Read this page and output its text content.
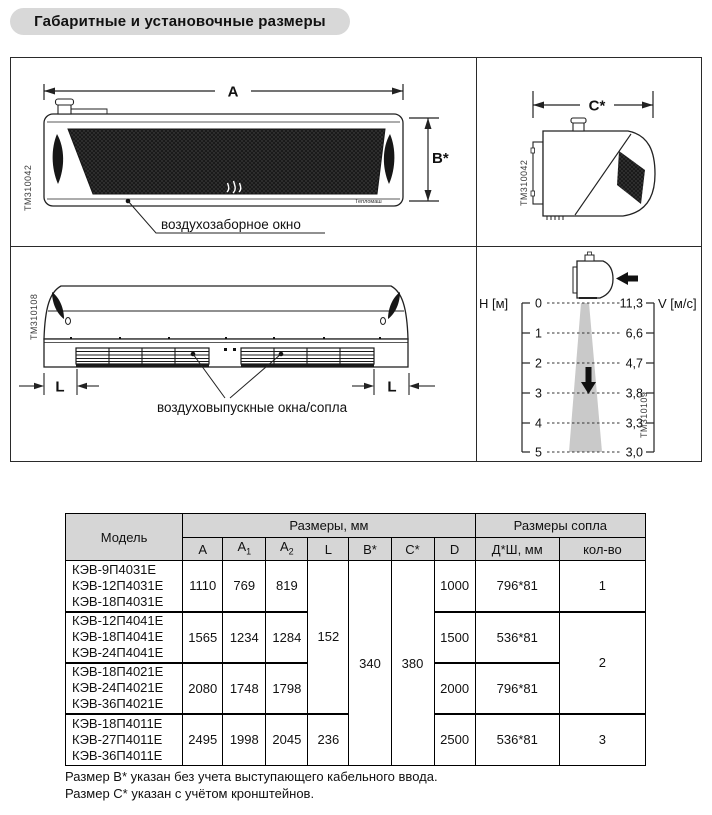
Габаритные и установочные размеры
A
Тепломаш
B*
воздухозаборное окно
TM310042
C*
TM310042
L	L
воздуховыпускные окна/сопла
TM310108	H [м] 0
1
2
3
4
5
11,3
6,6
4,7
3,8
3,3
3,0
V [м/с]
TM310109
Модель	Размеры, мм							Размеры сопла	
	A	$A_1$	$A_2$	L	B*	C*	D	Д*Ш, мм	кол-во

КЭВ-9П4031Е
КЭВ-12П4031Е
КЭВ-18П4031Е	1110	769	819	152	340	380	1000	796*81	1

КЭВ-12П4041Е
КЭВ-18П4041Е
КЭВ-24П4041Е	1565	1234	1284				1500	536*81	2

КЭВ-18П4021Е
КЭВ-24П4021Е
КЭВ-36П4021Е	2080	1748	1798				2000	796*81	

КЭВ-18П4011Е
КЭВ-27П4011Е
КЭВ-36П4011Е	2495	1998	2045	236			2500	536*81	3
Размер В* указан без учета выступающего кабельного ввода.
Размер С* указан с учётом кронштейнов.
